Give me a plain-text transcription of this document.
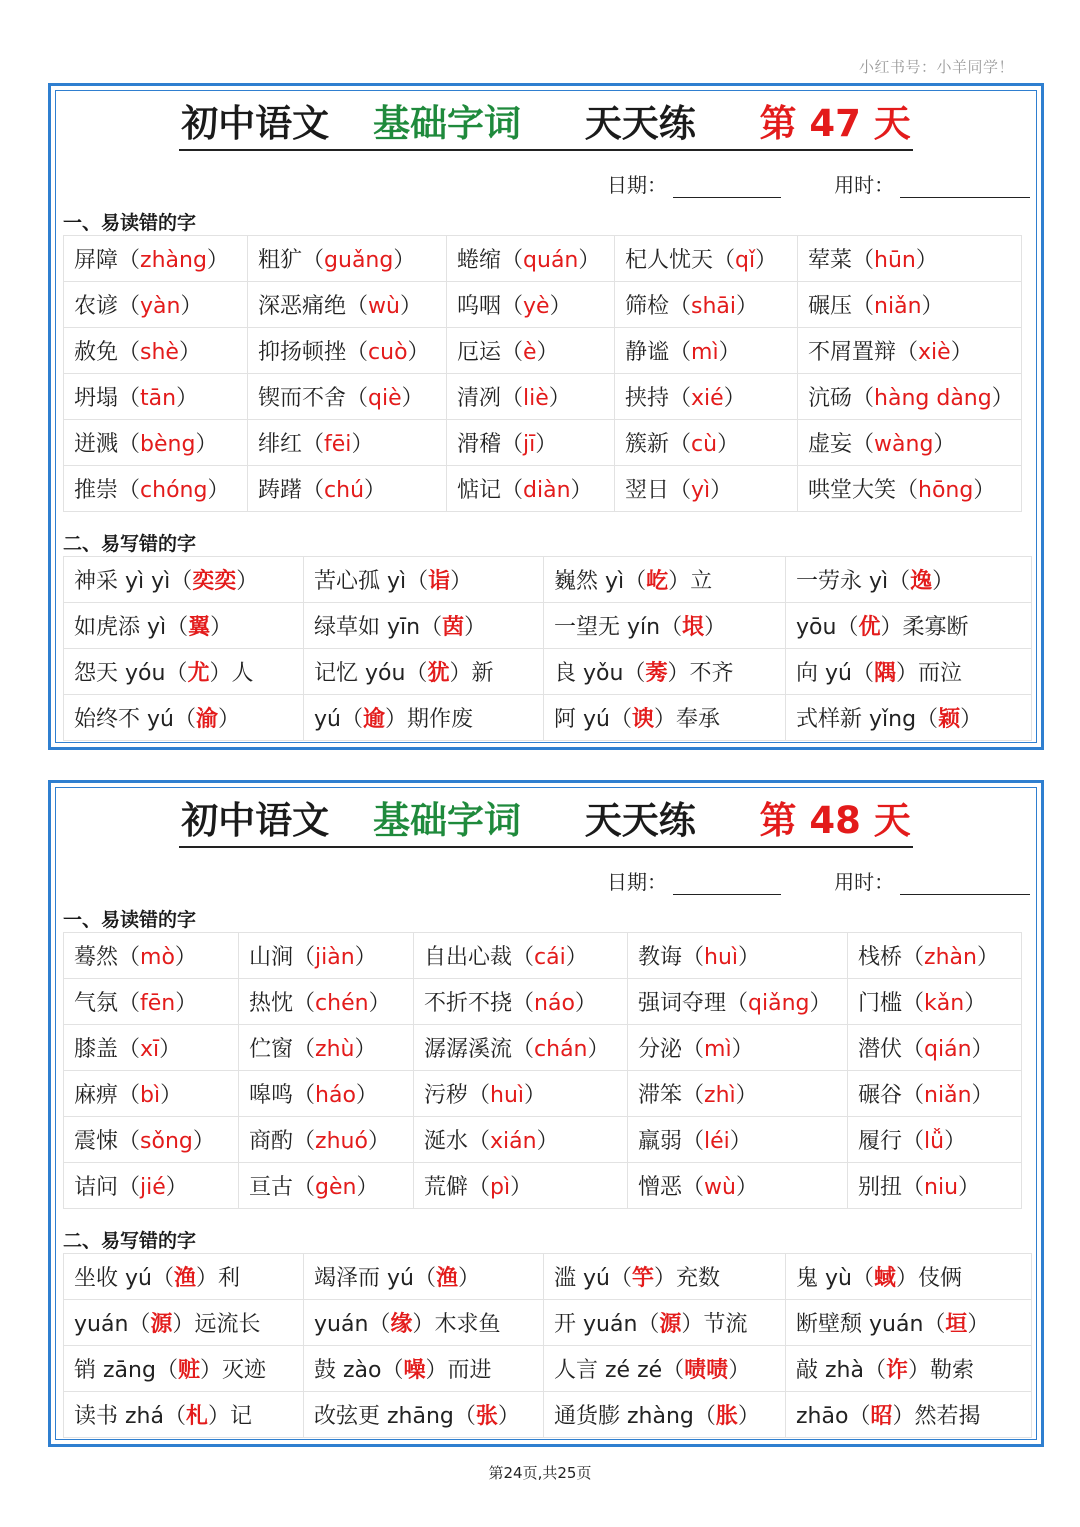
小红书号：小羊同学！
初中语文 基础字词 天天练 第 47 天
日期：	用时：
一、易读错的字
屏障（zhàng）	粗犷（guǎng）	蜷缩（quán）	杞人忧天（qǐ）	荤菜（hūn）
农谚（yàn）	深恶痛绝（wù）	呜咽（yè）	筛检（shāi）	碾压（niǎn）
赦免（shè）	抑扬顿挫（cuò）	厄运（è）	静谧（mì）	不屑置辩（xiè）
坍塌（tān）	锲而不舍（qiè）	清冽（liè）	挟持（xié）	沆砀（hàng dàng）
迸溅（bèng）	绯红（fēi）	滑稽（jī）	簇新（cù）	虚妄（wàng）
推崇（chóng）	踌躇（chú）	惦记（diàn）	翌日（yì）	哄堂大笑（hōng）
二、易写错的字
神采 yì yì（奕奕）	苦心孤 yì（诣）	巍然 yì（屹）立	一劳永 yì（逸）
如虎添 yì（翼）	绿草如 yīn（茵）	一望无 yín（垠）	yōu（优）柔寡断
怨天 yóu（尤）人	记忆 yóu（犹）新	良 yǒu（莠）不齐	向 yú（隅）而泣
始终不 yú（渝）	yú（逾）期作废	阿 yú（谀）奉承	式样新 yǐng（颖）
初中语文 基础字词 天天练 第 48 天
日期：	用时：
一、易读错的字
蓦然（mò）	山涧（jiàn）	自出心裁（cái）	教诲（huì）	栈桥（zhàn）
气氛（fēn）	热忱（chén）	不折不挠（náo）	强词夺理（qiǎng）	门槛（kǎn）
膝盖（xī）	伫窗（zhù）	潺潺溪流（chán）	分泌（mì）	潜伏（qián）
麻痹（bì）	嗥鸣（háo）	污秽（huì）	滞笨（zhì）	碾谷（niǎn）
震悚（sǒng）	商酌（zhuó）	涎水（xián）	羸弱（léi）	履行（lǚ）
诘问（jié）	亘古（gèn）	荒僻（pì）	憎恶（wù）	别扭（niu）
二、易写错的字
坐收 yú（渔）利	竭泽而 yú（渔）	滥 yú（竽）充数	鬼 yù（蜮）伎俩
yuán（源）远流长	yuán（缘）木求鱼	开 yuán（源）节流	断壁颓 yuán（垣）
销 zāng（赃）灭迹	鼓 zào（噪）而进	人言 zé zé（啧啧）	敲 zhà（诈）勒索
读书 zhá（札）记	改弦更 zhāng（张）	通货膨 zhàng（胀）	zhāo（昭）然若揭
第24页,共25页
